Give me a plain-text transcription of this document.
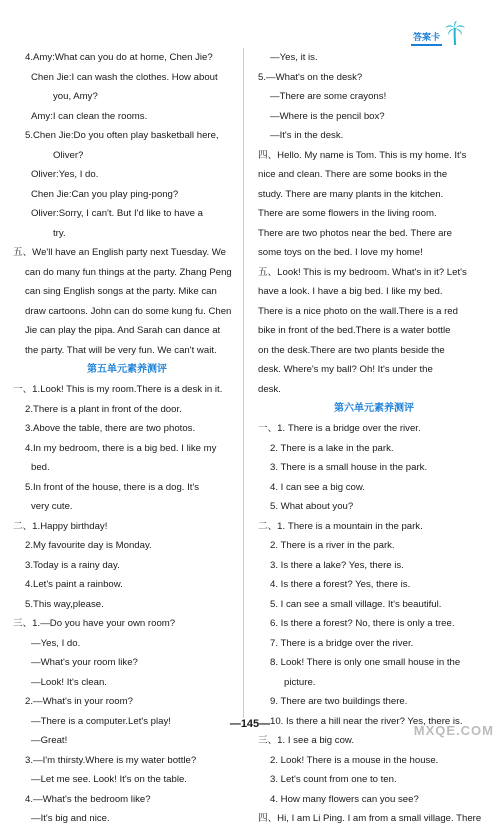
答案卡
4.Amy:What can you do at home, Chen Jie?
Chen Jie:I can wash the clothes. How about
you, Amy?
Amy:I can clean the rooms.
5.Chen Jie:Do you often play basketball here,
Oliver?
Oliver:Yes, I do.
Chen Jie:Can you play ping-pong?
Oliver:Sorry, I can't. But I'd like to have a
try.
五、We'll have an English party next Tuesday. We
can do many fun things at the party. Zhang Peng
can sing English songs at the party. Mike can
draw cartoons. John can do some kung fu. Chen
Jie can play the pipa. And Sarah can dance at
the party. That will be very fun. We can't wait.
第五单元素养测评
一、1.Look! This is my room.There is a desk in it.
2.There is a plant in front of the door.
3.Above the table, there are two photos.
4.In my bedroom, there is a big bed. I like my
bed.
5.In front of the house, there is a dog. It's
very cute.
二、1.Happy birthday!
2.My favourite day is Monday.
3.Today is a rainy day.
4.Let's paint a rainbow.
5.This way,please.
三、1.—Do you have your own room?
—Yes, I do.
—What's your room like?
—Look! It's clean.
2.—What's in your room?
—There is a computer.Let's play!
—Great!
3.—I'm thirsty.Where is my water bottle?
—Let me see. Look! It's on the table.
4.—What's the bedroom like?
—It's big and nice.
—Yes, it is.
5.—What's on the desk?
—There are some crayons!
—Where is the pencil box?
—It's in the desk.
四、Hello. My name is Tom. This is my home. It's
nice and clean. There are some books in the
study. There are many plants in the kitchen.
There are some flowers in the living room.
There are two photos near the bed. There are
some toys on the bed. I love my home!
五、Look! This is my bedroom. What's in it? Let's
have a look. I have a big bed. I like my bed.
There is a nice photo on the wall.There is a red
bike in front of the bed.There is a water bottle
on the desk.There are two plants beside the
desk. Where's my ball? Oh! It's under the
desk.
第六单元素养测评
一、1. There is a bridge over the river.
2. There is a lake in the park.
3. There is a small house in the park.
4. I can see a big cow.
5. What about you?
二、1. There is a mountain in the park.
2. There is a river in the park.
3. Is there a lake? Yes, there is.
4. Is there a forest? Yes, there is.
5. I can see a small village. It's beautiful.
6. Is there a forest? No, there is only a tree.
7. There is a bridge over the river.
8. Look! There is only one small house in the
picture.
9. There are two buildings there.
10. Is there a hill near the river? Yes, there is.
三、1. I see a big cow.
2. Look! There is a mouse in the house.
3. Let's count from one to ten.
4. How many flowers can you see?
四、Hi, I am Li Ping. I am from a small village. There
—145—	MXQE.COM
